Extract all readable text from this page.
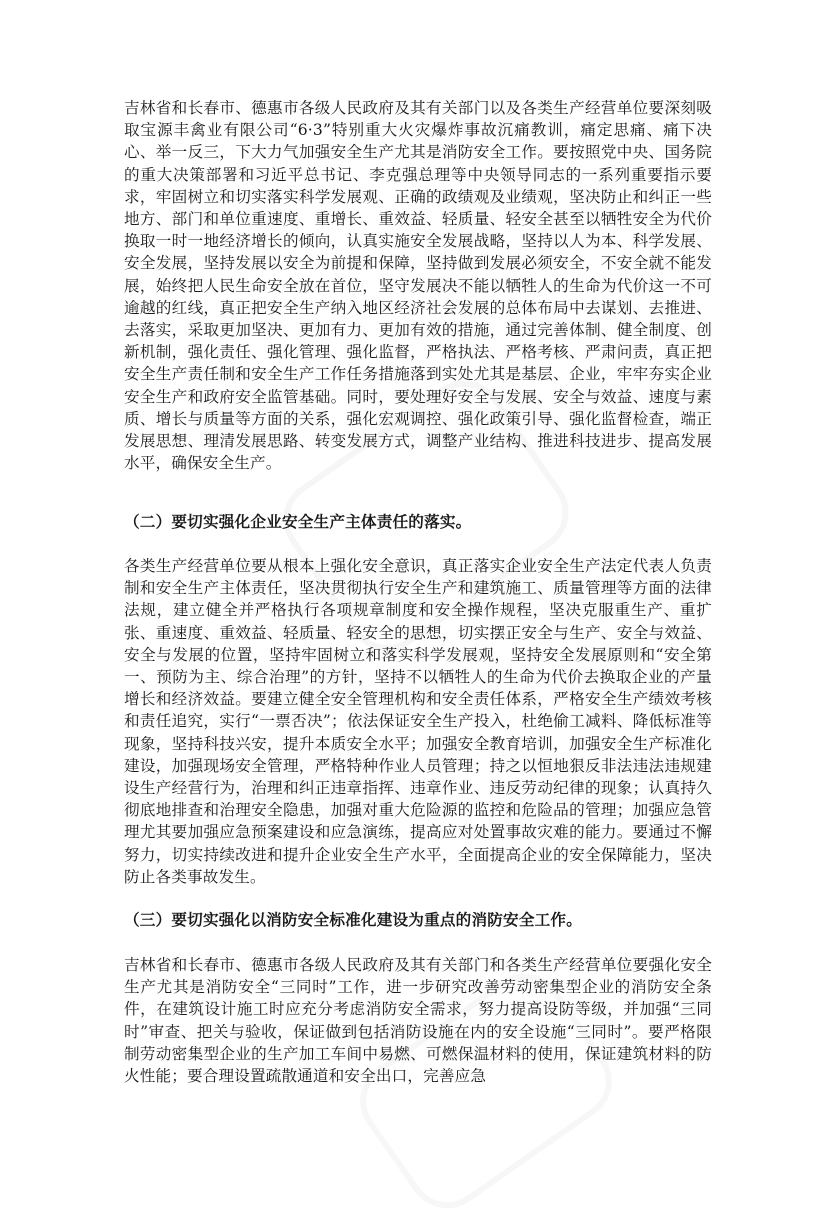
吉林省和长春市、德惠市各级人民政府及其有关部门以及各类生产经营单位要深刻吸取宝源丰禽业有限公司“6·3”特别重大火灾爆炸事故沉痛教训，痛定思痛、痛下决心、举一反三，下大力气加强安全生产尤其是消防安全工作。要按照党中央、国务院的重大决策部署和习近平总书记、李克强总理等中央领导同志的一系列重要指示要求，牢固树立和切实落实科学发展观、正确的政绩观及业绩观，坚决防止和纠正一些地方、部门和单位重速度、重增长、重效益、轻质量、轻安全甚至以牺牲安全为代价换取一时一地经济增长的倾向，认真实施安全发展战略，坚持以人为本、科学发展、安全发展，坚持发展以安全为前提和保障，坚持做到发展必须安全，不安全就不能发展，始终把人民生命安全放在首位，坚守发展决不能以牺牲人的生命为代价这一不可逾越的红线，真正把安全生产纳入地区经济社会发展的总体布局中去谋划、去推进、去落实，采取更加坚决、更加有力、更加有效的措施，通过完善体制、健全制度、创新机制，强化责任、强化管理、强化监督，严格执法、严格考核、严肃问责，真正把安全生产责任制和安全生产工作任务措施落到实处尤其是基层、企业，牢牢夯实企业安全生产和政府安全监管基础。同时，要处理好安全与发展、安全与效益、速度与素质、增长与质量等方面的关系，强化宏观调控、强化政策引导、强化监督检查，端正发展思想、理清发展思路、转变发展方式，调整产业结构、推进科技进步、提高发展水平，确保安全生产。

（二）要切实强化企业安全生产主体责任的落实。

各类生产经营单位要从根本上强化安全意识，真正落实企业安全生产法定代表人负责制和安全生产主体责任，坚决贯彻执行安全生产和建筑施工、质量管理等方面的法律法规，建立健全并严格执行各项规章制度和安全操作规程，坚决克服重生产、重扩张、重速度、重效益、轻质量、轻安全的思想，切实摆正安全与生产、安全与效益、安全与发展的位置，坚持牢固树立和落实科学发展观，坚持安全发展原则和“安全第一、预防为主、综合治理”的方针，坚持不以牺牲人的生命为代价去换取企业的产量增长和经济效益。要建立健全安全管理机构和安全责任体系，严格安全生产绩效考核和责任追究，实行“一票否决”；依法保证安全生产投入，杜绝偷工减料、降低标准等现象，坚持科技兴安，提升本质安全水平；加强安全教育培训，加强安全生产标准化建设，加强现场安全管理，严格特种作业人员管理；持之以恒地狠反非法违法违规建设生产经营行为，治理和纠正违章指挥、违章作业、违反劳动纪律的现象；认真持久彻底地排查和治理安全隐患，加强对重大危险源的监控和危险品的管理；加强应急管理尤其要加强应急预案建设和应急演练，提高应对处置事故灾难的能力。要通过不懈努力，切实持续改进和提升企业安全生产水平，全面提高企业的安全保障能力，坚决防止各类事故发生。

（三）要切实强化以消防安全标准化建设为重点的消防安全工作。

吉林省和长春市、德惠市各级人民政府及其有关部门和各类生产经营单位要强化安全生产尤其是消防安全“三同时”工作，进一步研究改善劳动密集型企业的消防安全条件，在建筑设计施工时应充分考虑消防安全需求，努力提高设防等级，并加强“三同时”审查、把关与验收，保证做到包括消防设施在内的安全设施“三同时”。要严格限制劳动密集型企业的生产加工车间中易燃、可燃保温材料的使用，保证建筑材料的防火性能；要合理设置疏散通道和安全出口，完善应急
